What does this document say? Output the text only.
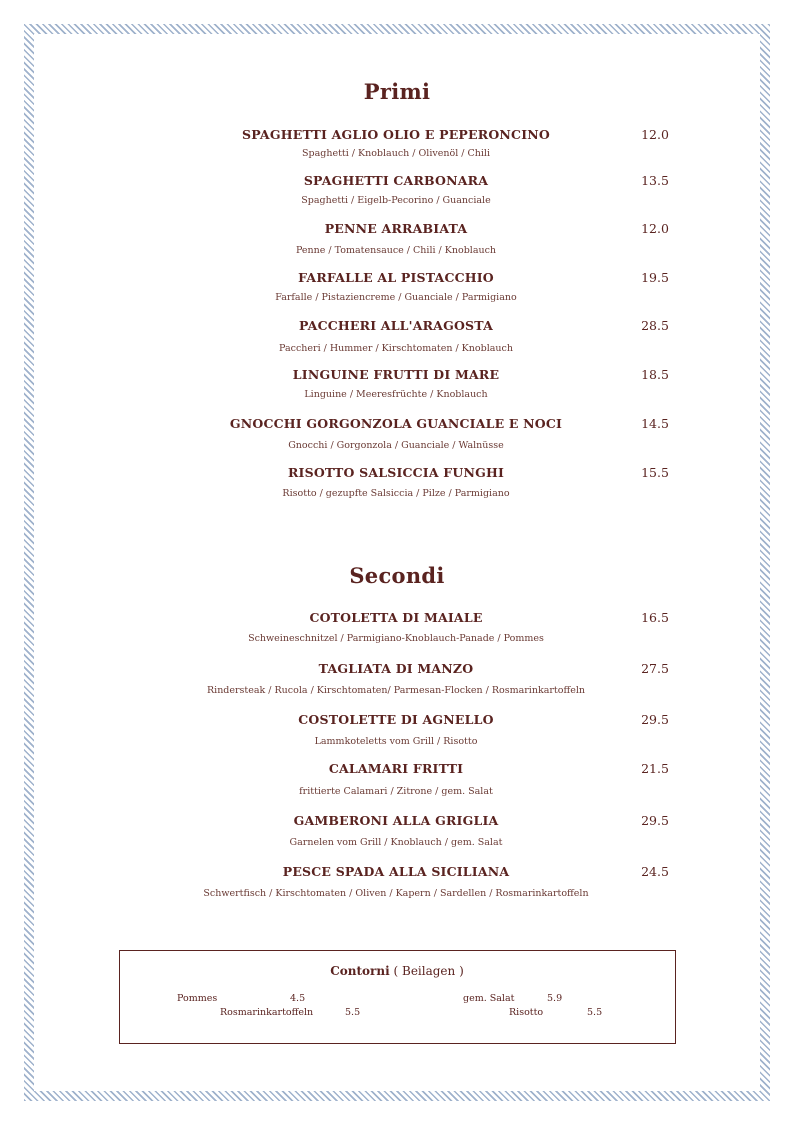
Primi
SPAGHETTI AGLIO OLIO E PEPERONCINO	12.0
Spaghetti / Knoblauch / Olivenöl / Chili
SPAGHETTI CARBONARA	13.5
Spaghetti / Eigelb-Pecorino / Guanciale
PENNE ARRABIATA	12.0
Penne / Tomatensauce / Chili / Knoblauch
FARFALLE AL PISTACCHIO	19.5
Farfalle / Pistaziencreme / Guanciale / Parmigiano
PACCHERI ALL'ARAGOSTA	28.5
Paccheri / Hummer / Kirschtomaten / Knoblauch
LINGUINE FRUTTI DI MARE	18.5
Linguine / Meeresfrüchte / Knoblauch
GNOCCHI GORGONZOLA GUANCIALE E NOCI	14.5
Gnocchi / Gorgonzola / Guanciale / Walnüsse
RISOTTO SALSICCIA FUNGHI	15.5
Risotto / gezupfte Salsiccia / Pilze / Parmigiano
Secondi
COTOLETTA DI MAIALE	16.5
Schweineschnitzel / Parmigiano-Knoblauch-Panade / Pommes
TAGLIATA DI MANZO	27.5
Rindersteak / Rucola / Kirschtomaten/ Parmesan-Flocken / Rosmarinkartoffeln
COSTOLETTE DI AGNELLO	29.5
Lammkoteletts vom Grill / Risotto
CALAMARI FRITTI	21.5
frittierte Calamari / Zitrone / gem. Salat
GAMBERONI ALLA GRIGLIA	29.5
Garnelen vom Grill / Knoblauch / gem. Salat
PESCE SPADA ALLA SICILIANA	24.5
Schwertfisch / Kirschtomaten / Oliven / Kapern / Sardellen / Rosmarinkartoffeln
Contorni ( Beilagen )
Pommes	4.5	gem. Salat	5.9
Rosmarinkartoffeln	5.5	Risotto	5.5
